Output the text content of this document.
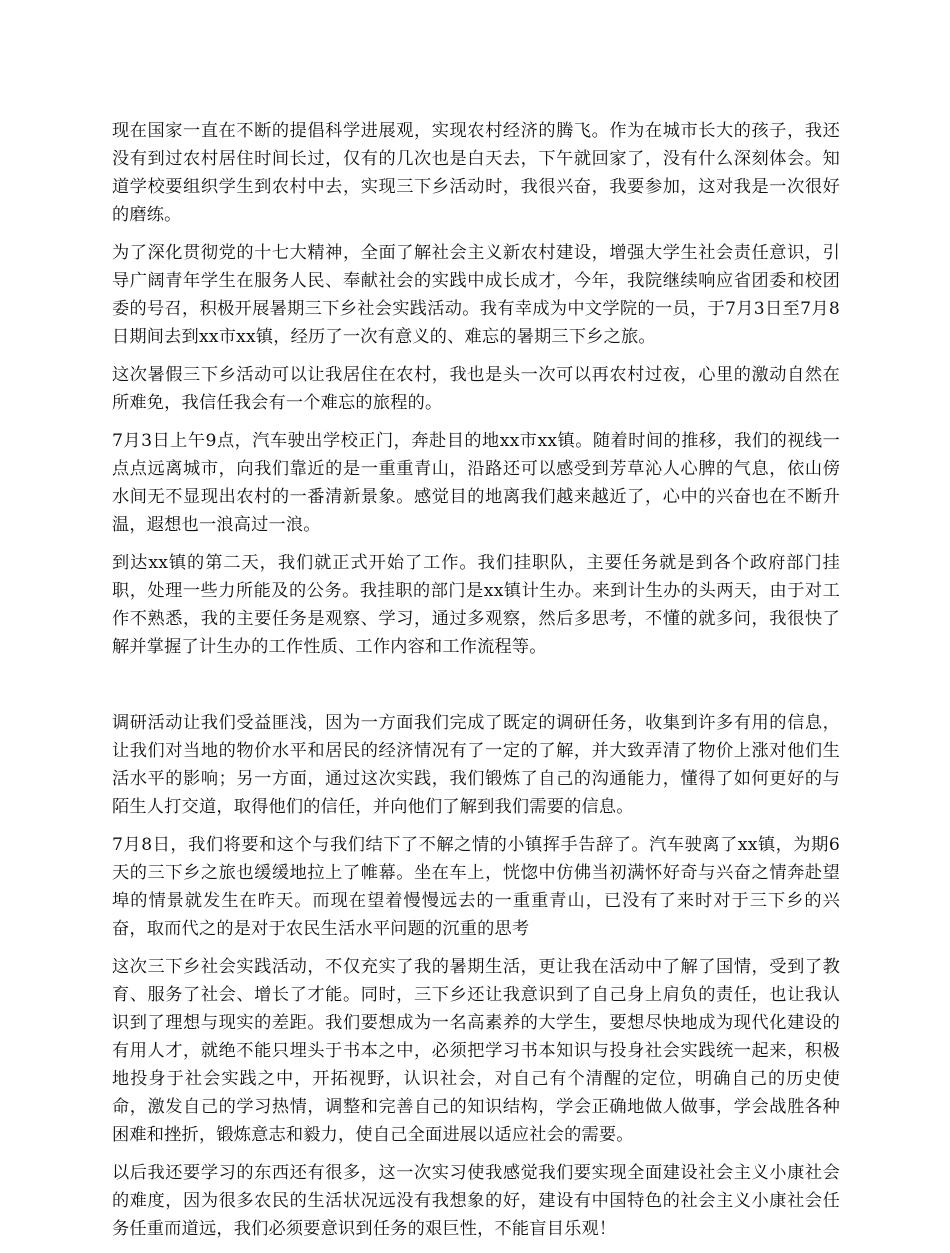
现在国家一直在不断的提倡科学进展观，实现农村经济的腾飞。作为在城市长大的孩子，我还没有到过农村居住时间长过，仅有的几次也是白天去，下午就回家了，没有什么深刻体会。知道学校要组织学生到农村中去，实现三下乡活动时，我很兴奋，我要参加，这对我是一次很好的磨练。

为了深化贯彻党的十七大精神，全面了解社会主义新农村建设，增强大学生社会责任意识，引导广阔青年学生在服务人民、奉献社会的实践中成长成才，今年，我院继续响应省团委和校团委的号召，积极开展暑期三下乡社会实践活动。我有幸成为中文学院的一员，于7月3日至7月8日期间去到xx市xx镇，经历了一次有意义的、难忘的暑期三下乡之旅。

这次暑假三下乡活动可以让我居住在农村，我也是头一次可以再农村过夜，心里的激动自然在所难免，我信任我会有一个难忘的旅程的。

7月3日上午9点，汽车驶出学校正门，奔赴目的地xx市xx镇。随着时间的推移，我们的视线一点点远离城市，向我们靠近的是一重重青山，沿路还可以感受到芳草沁人心脾的气息，依山傍水间无不显现出农村的一番清新景象。感觉目的地离我们越来越近了，心中的兴奋也在不断升温，遐想也一浪高过一浪。

到达xx镇的第二天，我们就正式开始了工作。我们挂职队，主要任务就是到各个政府部门挂职，处理一些力所能及的公务。我挂职的部门是xx镇计生办。来到计生办的头两天，由于对工作不熟悉，我的主要任务是观察、学习，通过多观察，然后多思考，不懂的就多问，我很快了解并掌握了计生办的工作性质、工作内容和工作流程等。

调研活动让我们受益匪浅，因为一方面我们完成了既定的调研任务，收集到许多有用的信息，让我们对当地的物价水平和居民的经济情况有了一定的了解，并大致弄清了物价上涨对他们生活水平的影响；另一方面，通过这次实践，我们锻炼了自己的沟通能力，懂得了如何更好的与陌生人打交道，取得他们的信任，并向他们了解到我们需要的信息。

7月8日，我们将要和这个与我们结下了不解之情的小镇挥手告辞了。汽车驶离了xx镇，为期6天的三下乡之旅也缓缓地拉上了帷幕。坐在车上，恍惚中仿佛当初满怀好奇与兴奋之情奔赴望埠的情景就发生在昨天。而现在望着慢慢远去的一重重青山，已没有了来时对于三下乡的兴奋，取而代之的是对于农民生活水平问题的沉重的思考

这次三下乡社会实践活动，不仅充实了我的暑期生活，更让我在活动中了解了国情，受到了教育、服务了社会、增长了才能。同时，三下乡还让我意识到了自己身上肩负的责任，也让我认识到了理想与现实的差距。我们要想成为一名高素养的大学生，要想尽快地成为现代化建设的有用人才，就绝不能只埋头于书本之中，必须把学习书本知识与投身社会实践统一起来，积极地投身于社会实践之中，开拓视野，认识社会，对自己有个清醒的定位，明确自己的历史使命，激发自己的学习热情，调整和完善自己的知识结构，学会正确地做人做事，学会战胜各种困难和挫折，锻炼意志和毅力，使自己全面进展以适应社会的需要。

以后我还要学习的东西还有很多，这一次实习使我感觉我们要实现全面建设社会主义小康社会的难度，因为很多农民的生活状况远没有我想象的好，建设有中国特色的社会主义小康社会任务任重而道远，我们必须要意识到任务的艰巨性，不能盲目乐观！
